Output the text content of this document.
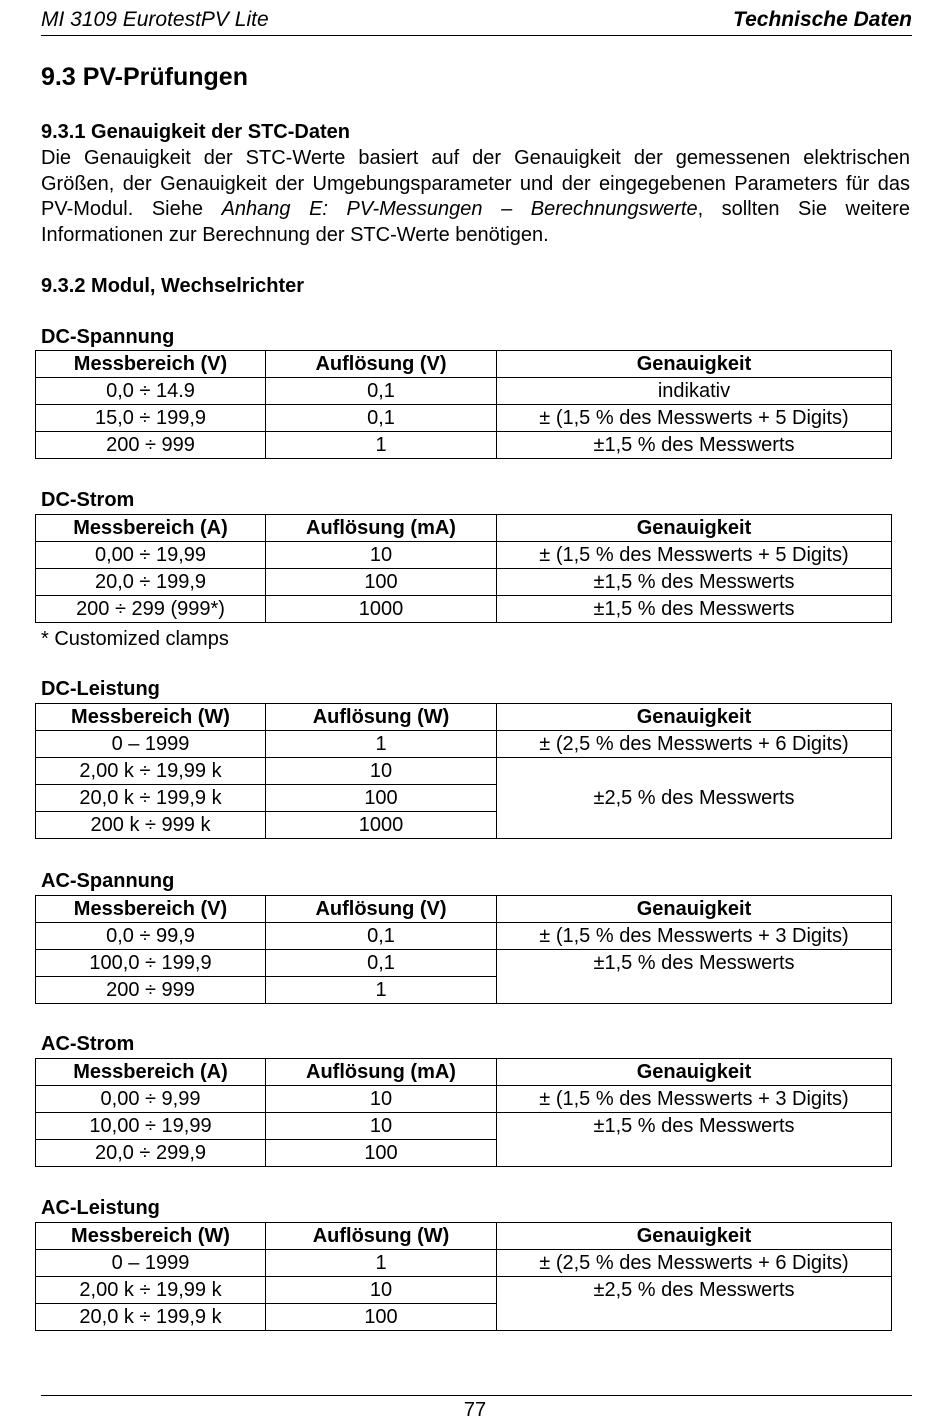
MI 3109 EurotestPV Lite	Technische Daten
9.3 PV-Prüfungen
9.3.1 Genauigkeit der STC-Daten
Die Genauigkeit der STC-Werte basiert auf der Genauigkeit der gemessenen elektrischen Größen, der Genauigkeit der Umgebungsparameter und der eingegebenen Parameters für das PV-Modul. Siehe Anhang E: PV-Messungen – Berechnungswerte, sollten Sie weitere Informationen zur Berechnung der STC-Werte benötigen.
9.3.2 Modul, Wechselrichter
DC-Spannung
Messbereich (V)	Auflösung (V)	Genauigkeit
0,0 ÷ 14.9	0,1	indikativ
15,0 ÷ 199,9	0,1	± (1,5 % des Messwerts + 5 Digits)
200 ÷ 999	1	±1,5 % des Messwerts
DC-Strom
Messbereich (A)	Auflösung (mA)	Genauigkeit
0,00 ÷ 19,99	10	± (1,5 % des Messwerts + 5 Digits)
20,0 ÷ 199,9	100	±1,5 % des Messwerts
200 ÷ 299 (999*)	1000	±1,5 % des Messwerts
* Customized clamps
DC-Leistung
Messbereich (W)	Auflösung (W)	Genauigkeit
0 – 1999	1	± (2,5 % des Messwerts + 6 Digits)
2,00 k ÷ 19,99 k	10	±2,5 % des Messwerts
20,0 k ÷ 199,9 k	100	
200 k ÷ 999 k	1000	
AC-Spannung
Messbereich (V)	Auflösung (V)	Genauigkeit
0,0 ÷ 99,9	0,1	± (1,5 % des Messwerts + 3 Digits)
100,0 ÷ 199,9	0,1	±1,5 % des Messwerts
200 ÷ 999	1	
AC-Strom
Messbereich (A)	Auflösung (mA)	Genauigkeit
0,00 ÷ 9,99	10	± (1,5 % des Messwerts + 3 Digits)
10,00 ÷ 19,99	10	±1,5 % des Messwerts
20,0 ÷ 299,9	100	
AC-Leistung
Messbereich (W)	Auflösung (W)	Genauigkeit
0 – 1999	1	± (2,5 % des Messwerts + 6 Digits)
2,00 k ÷ 19,99 k	10	±2,5 % des Messwerts
20,0 k ÷ 199,9 k	100	
77
